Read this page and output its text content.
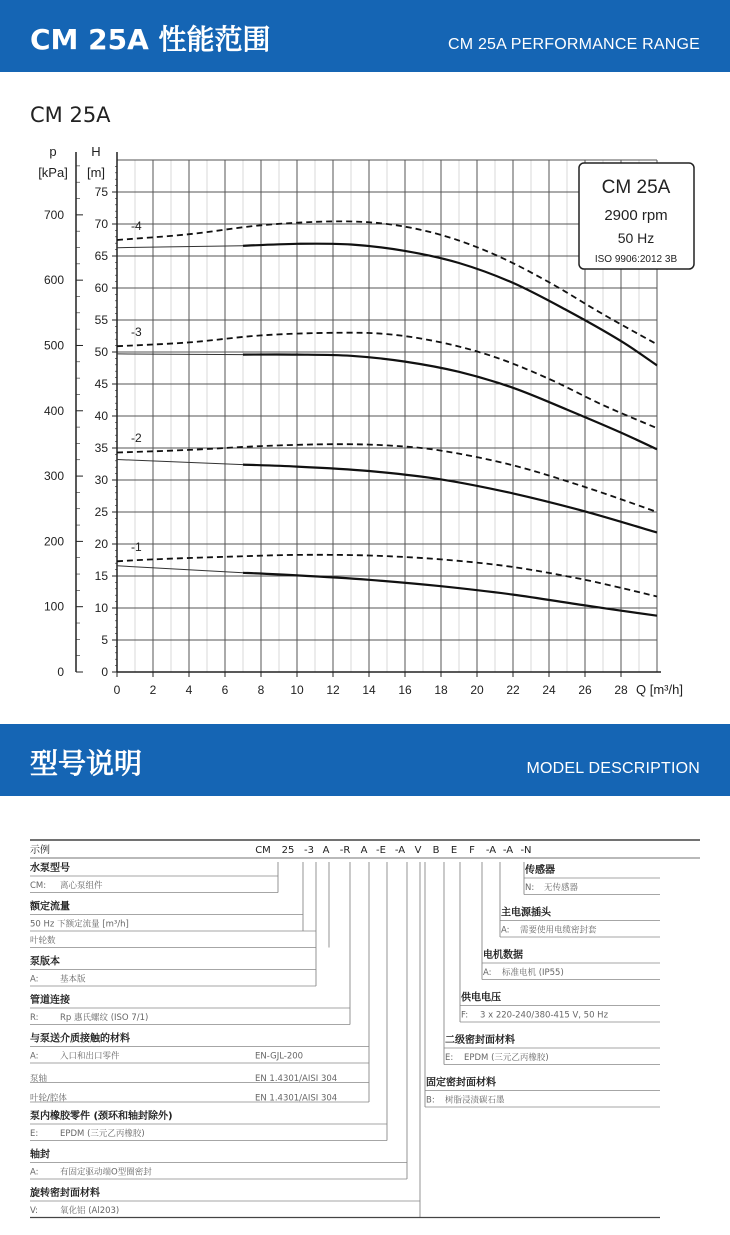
CM 25A 性能范围	CM 25A PERFORMANCE RANGE
CM 25A
0
5
10
15
20
25
30
35
40
45
50
55
60
65
70
75
0
100
200
300
400
500
600
700
0 2 4 6 8 10 12 14 16 18 20 22 24 26 28
p
[kPa]
H
[m]
Q [m³/h]
-1
-2
-3
-4
CM 25A
2900 rpm
50 Hz
ISO 9906:2012 3B
型号说明	MODEL DESCRIPTION
示例	CM 25 -3 A -R A -E -A V B E F -A -A -N
水泵型号
CM: 离心泵组件
额定流量
50 Hz 下额定流量 [m³/h]
叶轮数
泵版本
A:	基本版
管道连接
R:	Rp 惠氏螺纹 (ISO 7/1)
与泵送介质接触的材料
A:	入口和出口零件	EN-GJL-200
泵轴	EN 1.4301/AISI 304
叶轮/腔体	EN 1.4301/AISI 304
泵内橡胶零件 (颈环和轴封除外)
E:	EPDM (三元乙丙橡胶)
轴封
A:	有固定驱动端O型圈密封
旋转密封面材料
V:	氧化铝 (Al203)
传感器
N: 无传感器
主电源插头
A: 需要使用电缆密封套
电机数据
A: 标准电机 (IP55)
供电电压
F: 3 x 220-240/380-415 V, 50 Hz
二级密封面材料
E: EPDM (三元乙丙橡胶)
固定密封面材料
B: 树脂浸渍碳石墨
